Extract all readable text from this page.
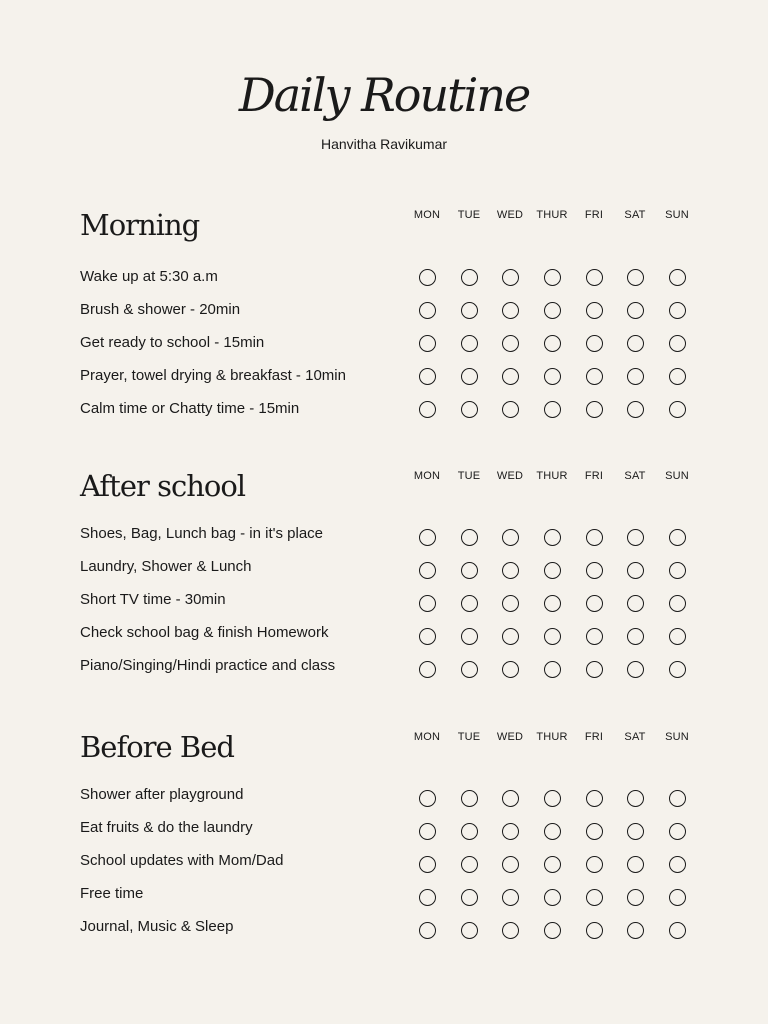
Daily Routine
Hanvitha Ravikumar
Morning	MON	TUE	WED	THUR	FRI	SAT	SUN
Wake up at 5:30 a.m
Brush & shower - 20min
Get ready to school - 15min
Prayer, towel drying & breakfast - 10min
Calm time or Chatty time - 15min
After school	MON	TUE	WED	THUR	FRI	SAT	SUN
Shoes, Bag, Lunch bag - in it's place
Laundry, Shower & Lunch
Short TV time - 30min
Check school bag & finish Homework
Piano/Singing/Hindi practice and class
Before Bed	MON	TUE	WED	THUR	FRI	SAT	SUN
Shower after playground
Eat fruits & do the laundry
School updates with Mom/Dad
Free time
Journal, Music & Sleep
